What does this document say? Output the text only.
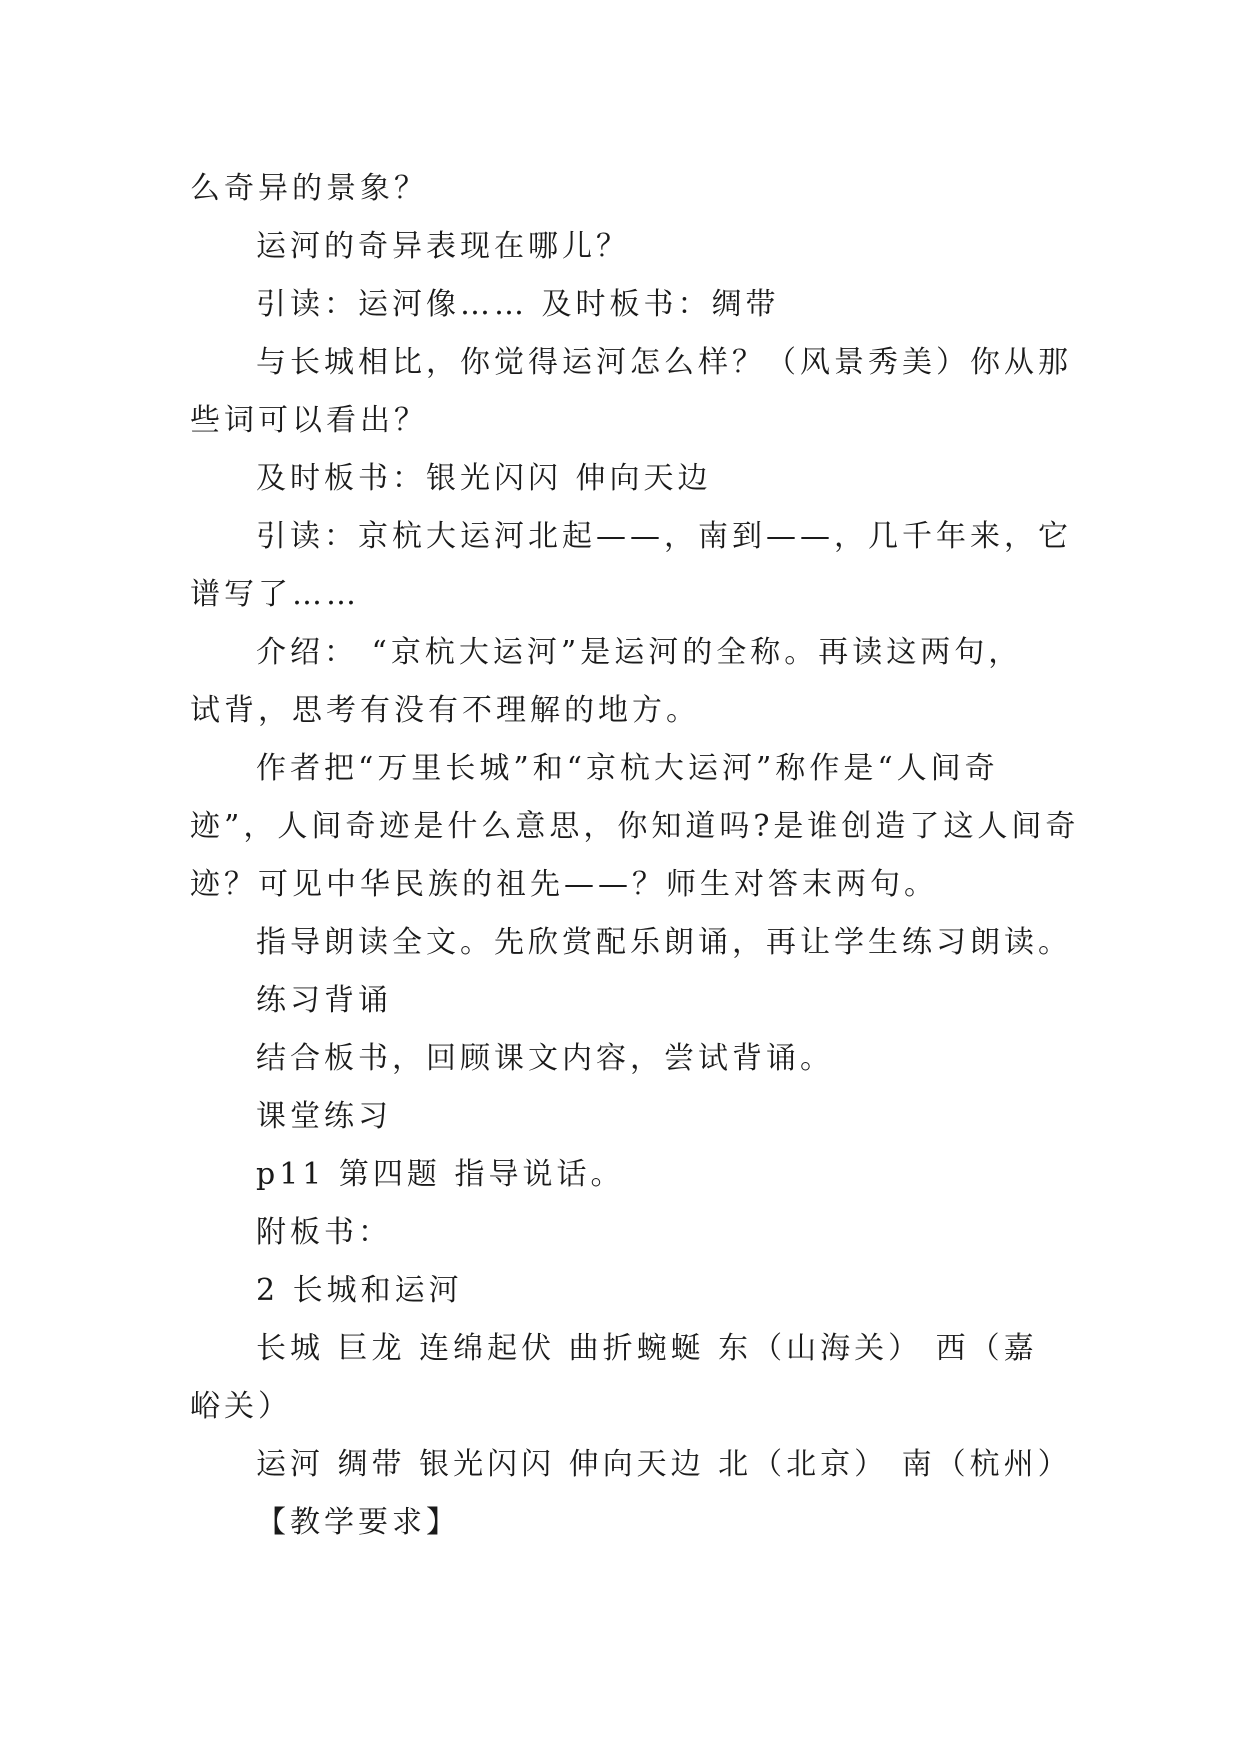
么奇异的景象？
运河的奇异表现在哪儿？
引读：运河像…… 及时板书：绸带
与长城相比，你觉得运河怎么样？（风景秀美）你从那
些词可以看出？
及时板书：银光闪闪 伸向天边
引读：京杭大运河北起——，南到——，几千年来，它
谱写了……
介绍： “京杭大运河”是运河的全称。再读这两句，
试背，思考有没有不理解的地方。
作者把“万里长城”和“京杭大运河”称作是“人间奇
迹”，人间奇迹是什么意思，你知道吗?是谁创造了这人间奇
迹？可见中华民族的祖先——？师生对答末两句。
指导朗读全文。先欣赏配乐朗诵，再让学生练习朗读。
练习背诵
结合板书，回顾课文内容，尝试背诵。
课堂练习
p11 第四题 指导说话。
附板书：
2 长城和运河
长城 巨龙 连绵起伏 曲折蜿蜒 东（山海关） 西（嘉
峪关）
运河 绸带 银光闪闪 伸向天边 北（北京） 南（杭州）
【教学要求】
